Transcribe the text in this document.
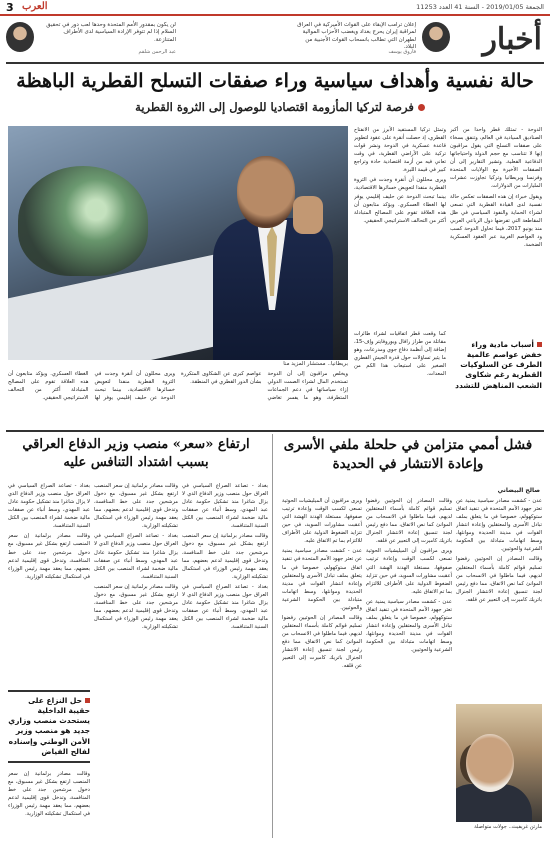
3 العرب	الجمعة 2019/01/05 - السنة 41 العدد 11253
أخبار
إعلان ترامب الإبقاء على القوات الأميركية في العراق لمراقبة إيران يحرج بغداد ويغضب الأحزاب الموالية لطهران التي تطالب بانسحاب القوات الأجنبية من البلاد.
فاروق يوسف
لن يكون بمقدور الأمم المتحدة وحدها لعب دور في تحقيق السلام إذا لم تتوفر الإرادة السياسية لدى الأطراف المتنازعة.
عبد الرحمن شلقم
حالة نفسية وأهداف سياسية وراء صفقات التسلح القطرية الباهظة
فرصة لتركيا المأزومة اقتصاديا للوصول إلى الثروة القطرية

الدوحة - تمتلك قطر واحدا من أكبر الصناديق السيادية في العالم، وتنفق بسخاء على صفقات التسلح التي يقول مراقبون إنها لا تتناسب مع حجم الدولة واحتياجاتها الدفاعية الفعلية. وتشير التقارير إلى أن الصفقات الأخيرة مع الولايات المتحدة وفرنسا وبريطانيا وتركيا تجاوزت عشرات المليارات من الدولارات.

ويقول خبراء إن هذه الصفقات تعكس حالة نفسية لدى القيادة القطرية التي تسعى لشراء الحماية والنفوذ السياسي في ظل المقاطعة التي تفرضها دول الرباعي العربي منذ يونيو 2017، فيما تحاول الدوحة كسب ود العواصم الغربية عبر العقود العسكرية الضخمة.

وتمثل تركيا المستفيد الأبرز من الانفتاح القطري، إذ حصلت أنقرة على عقود لتطوير قاعدة عسكرية في الدوحة ونشر قوات تركية على الأراضي القطرية، في وقت تعاني فيه من أزمة اقتصادية حادة وتراجع كبير في قيمة الليرة.

ويرى محللون أن أنقرة وجدت في الثروة القطرية منفذا لتعويض خسائرها الاقتصادية، بينما تبحث الدوحة عن حليف إقليمي يوفر لها الغطاء العسكري. ويؤكد متابعون أن هذه العلاقة تقوم على المصالح المتبادلة أكثر من التحالف الاستراتيجي الحقيقي.

أسباب مادية وراء خفض عواصم عالمية الطرف عن السلوكيات القطرية رغم شكاوى الشعب المناهض للتشدد

كما وقعت قطر اتفاقيات لشراء طائرات مقاتلة من طراز رافال ويوروفايتر وإف-15، إضافة إلى أنظمة دفاع جوي ومدرعات، وهو ما يثير تساؤلات حول قدرة الجيش القطري الصغير على استيعاب هذا الكم من المعدات.

بريطانيا.. مستشار المزيد منا

ويخلص مراقبون إلى أن الدوحة تستخدم المال لشراء الصمت الدولي إزاء سياساتها في دعم الجماعات المتطرفة، وهو ما يفسر تغاضي عواصم كبرى عن الشكاوى المتكررة بشأن الدور القطري في المنطقة.

ويرى محللون أن أنقرة وجدت في الثروة القطرية منفذا لتعويض خسائرها الاقتصادية، بينما تبحث الدوحة عن حليف إقليمي يوفر لها الغطاء العسكري. ويؤكد متابعون أن هذه العلاقة تقوم على المصالح المتبادلة أكثر من التحالف الاستراتيجي الحقيقي.

فشل أممي متزامن في حلحلة ملفي الأسرى وإعادة الانتشار في الحديدة
صالح البيضاني

عدن - كشفت مصادر سياسية يمنية عن تعثر جهود الأمم المتحدة في تنفيذ اتفاق ستوكهولم، خصوصا في ما يتعلق بملف تبادل الأسرى والمعتقلين وإعادة انتشار القوات في مدينة الحديدة وموانئها، وسط اتهامات متبادلة بين الحكومة الشرعية والحوثيين.

وقالت المصادر إن الحوثيين رفضوا تسليم قوائم كاملة بأسماء المعتقلين لديهم، فيما ماطلوا في الانسحاب من الموانئ كما نص الاتفاق، مما دفع رئيس لجنة تنسيق إعادة الانتشار الجنرال باتريك كاميرت إلى التعبير عن قلقه.

وقالت المصادر إن الحوثيين رفضوا تسليم قوائم كاملة بأسماء المعتقلين لديهم، فيما ماطلوا في الانسحاب من الموانئ كما نص الاتفاق، مما دفع رئيس لجنة تنسيق إعادة الانتشار الجنرال باتريك كاميرت إلى التعبير عن قلقه.

ويرى مراقبون أن الميليشيات الحوثية تسعى لكسب الوقت وإعادة ترتيب صفوفها، مستغلة الهدنة الهشة التي أعقبت مشاورات السويد، في حين تتزايد الضغوط الدولية على الأطراف للالتزام بما تم الاتفاق عليه.

عدن - كشفت مصادر سياسية يمنية عن تعثر جهود الأمم المتحدة في تنفيذ اتفاق ستوكهولم، خصوصا في ما يتعلق بملف تبادل الأسرى والمعتقلين وإعادة انتشار القوات في مدينة الحديدة وموانئها، وسط اتهامات متبادلة بين الحكومة الشرعية والحوثيين.

ويرى مراقبون أن الميليشيات الحوثية تسعى لكسب الوقت وإعادة ترتيب صفوفها، مستغلة الهدنة الهشة التي أعقبت مشاورات السويد، في حين تتزايد الضغوط الدولية على الأطراف للالتزام بما تم الاتفاق عليه.

عدن - كشفت مصادر سياسية يمنية عن تعثر جهود الأمم المتحدة في تنفيذ اتفاق ستوكهولم، خصوصا في ما يتعلق بملف تبادل الأسرى والمعتقلين وإعادة انتشار القوات في مدينة الحديدة وموانئها، وسط اتهامات متبادلة بين الحكومة الشرعية والحوثيين.

وقالت المصادر إن الحوثيين رفضوا تسليم قوائم كاملة بأسماء المعتقلين لديهم، فيما ماطلوا في الانسحاب من الموانئ كما نص الاتفاق، مما دفع رئيس لجنة تنسيق إعادة الانتشار الجنرال باتريك كاميرت إلى التعبير عن قلقه.

مارتن غريفيث.. جولات متواصلة
ارتفاع «سعر» منصب وزير الدفاع العراقي بسبب اشتداد التنافس عليه

بغداد - تصاعد الصراع السياسي في العراق حول منصب وزير الدفاع الذي لا يزال شاغرا منذ تشكيل حكومة عادل عبد المهدي، وسط أنباء عن صفقات مالية ضخمة لشراء المنصب بين الكتل السنية المتنافسة.

وقالت مصادر برلمانية إن سعر المنصب ارتفع بشكل غير مسبوق، مع دخول مرشحين جدد على خط المنافسة، وتدخل قوى إقليمية لدعم بعضهم، مما يعقد مهمة رئيس الوزراء في استكمال تشكيلته الوزارية.

بغداد - تصاعد الصراع السياسي في العراق حول منصب وزير الدفاع الذي لا يزال شاغرا منذ تشكيل حكومة عادل عبد المهدي، وسط أنباء عن صفقات مالية ضخمة لشراء المنصب بين الكتل السنية المتنافسة.

وقالت مصادر برلمانية إن سعر المنصب ارتفع بشكل غير مسبوق، مع دخول مرشحين جدد على خط المنافسة، وتدخل قوى إقليمية لدعم بعضهم، مما يعقد مهمة رئيس الوزراء في استكمال تشكيلته الوزارية.

بغداد - تصاعد الصراع السياسي في العراق حول منصب وزير الدفاع الذي لا يزال شاغرا منذ تشكيل حكومة عادل عبد المهدي، وسط أنباء عن صفقات مالية ضخمة لشراء المنصب بين الكتل السنية المتنافسة.

وقالت مصادر برلمانية إن سعر المنصب ارتفع بشكل غير مسبوق، مع دخول مرشحين جدد على خط المنافسة، وتدخل قوى إقليمية لدعم بعضهم، مما يعقد مهمة رئيس الوزراء في استكمال تشكيلته الوزارية.

بغداد - تصاعد الصراع السياسي في العراق حول منصب وزير الدفاع الذي لا يزال شاغرا منذ تشكيل حكومة عادل عبد المهدي، وسط أنباء عن صفقات مالية ضخمة لشراء المنصب بين الكتل السنية المتنافسة.

وقالت مصادر برلمانية إن سعر المنصب ارتفع بشكل غير مسبوق، مع دخول مرشحين جدد على خط المنافسة، وتدخل قوى إقليمية لدعم بعضهم، مما يعقد مهمة رئيس الوزراء في استكمال تشكيلته الوزارية.

حل النزاع على حقيبة الداخلية يستحدث منصب وزاري جديد هو منصب وزير الأمن الوطني وإسناده لفالح الفياض

وقالت مصادر برلمانية إن سعر المنصب ارتفع بشكل غير مسبوق، مع دخول مرشحين جدد على خط المنافسة، وتدخل قوى إقليمية لدعم بعضهم، مما يعقد مهمة رئيس الوزراء في استكمال تشكيلته الوزارية.
